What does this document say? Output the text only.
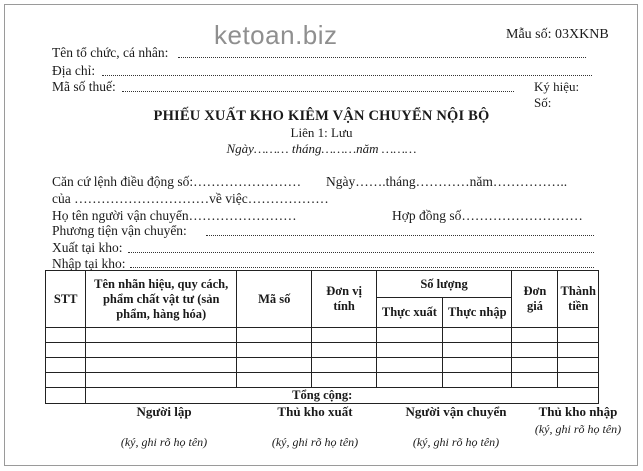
ketoan.biz	Mẫu số: 03XKNB
Tên tổ chức, cá nhân:
Địa chỉ:
Mã số thuế:	Ký hiệu:
Số:
PHIẾU XUẤT KHO KIÊM VẬN CHUYỂN NỘI BỘ
Liên 1: Lưu
Ngày……… tháng………năm ………
Căn cứ lệnh điều động số:…………………… Ngày…….tháng…………năm……………..
của …………………………về việc………………
Họ tên người vận chuyển……………………	Hợp đồng số………………………
Phương tiện vận chuyển:
Xuất tại kho:
Nhập tại kho:
STT	Tên nhãn hiệu, quy cách, phẩm chất vật tư (sản phẩm, hàng hóa)	Mã số	Đơn vị tính	Số lượng		Đơn giá	Thành tiền
				Thực xuất	Thực nhập		

	Tổng cộng:						
Người lập	Thủ kho xuất	Người vận chuyển	Thủ kho nhập
(ký, ghi rõ họ tên)	(ký, ghi rõ họ tên)	(ký, ghi rõ họ tên)
(ký, ghi rõ họ tên)
